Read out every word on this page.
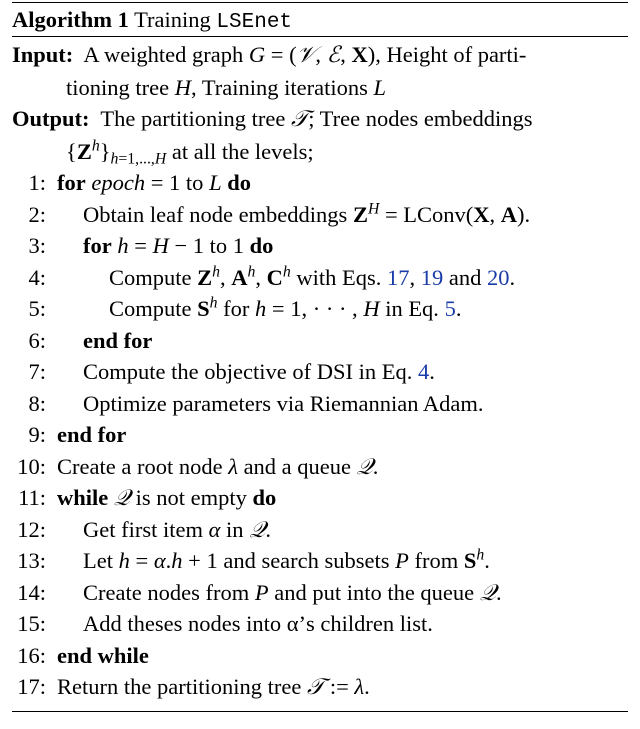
Algorithm 1 Training LSEnet
Input: A weighted graph G = (𝒱, ℰ, X), Height of parti-
tioning tree H, Training iterations L
Output: The partitioning tree 𝒯; Tree nodes embeddings
$\{Z^h\}_{h=1,...,H}$ at all the levels;
1: for epoch = 1 to L do
2: Obtain leaf node embeddings $Z^H$ = LConv(X, A).
3: for h = H − 1 to 1 do
4:	Compute $Z^h$, $A^h$, $C^h$ with Eqs. 17, 19 and 20.
5:	Compute $S^h$ for h = 1, · · · , H in Eq. 5.
6: end for
7: Compute the objective of DSI in Eq. 4.
8: Optimize parameters via Riemannian Adam.
9: end for
10: Create a root node λ and a queue 𝒬.
11: while 𝒬 is not empty do
12: Get first item α in 𝒬.
13: Let h = α.h + 1 and search subsets P from $S^h$.
14: Create nodes from P and put into the queue 𝒬.
15: Add theses nodes into α’s children list.
16: end while
17: Return the partitioning tree 𝒯 := λ.
